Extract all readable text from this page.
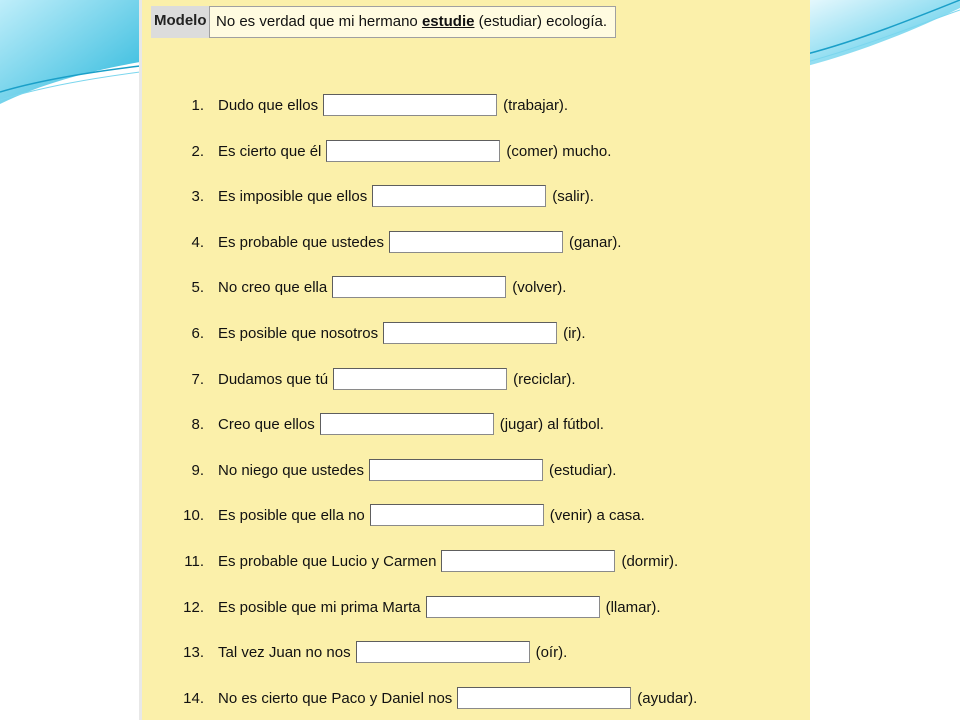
Modelo No es verdad que mi hermano estudie (estudiar) ecología.
1. Dudo que ellos	(trabajar).
2. Es cierto que él	(comer) mucho.
3. Es imposible que ellos	(salir).
4. Es probable que ustedes	(ganar).
5. No creo que ella	(volver).
6. Es posible que nosotros	(ir).
7. Dudamos que tú	(reciclar).
8. Creo que ellos	(jugar) al fútbol.
9. No niego que ustedes	(estudiar).
10. Es posible que ella no	(venir) a casa.
11. Es probable que Lucio y Carmen	(dormir).
12. Es posible que mi prima Marta	(llamar).
13. Tal vez Juan no nos	(oír).
14. No es cierto que Paco y Daniel nos	(ayudar).
